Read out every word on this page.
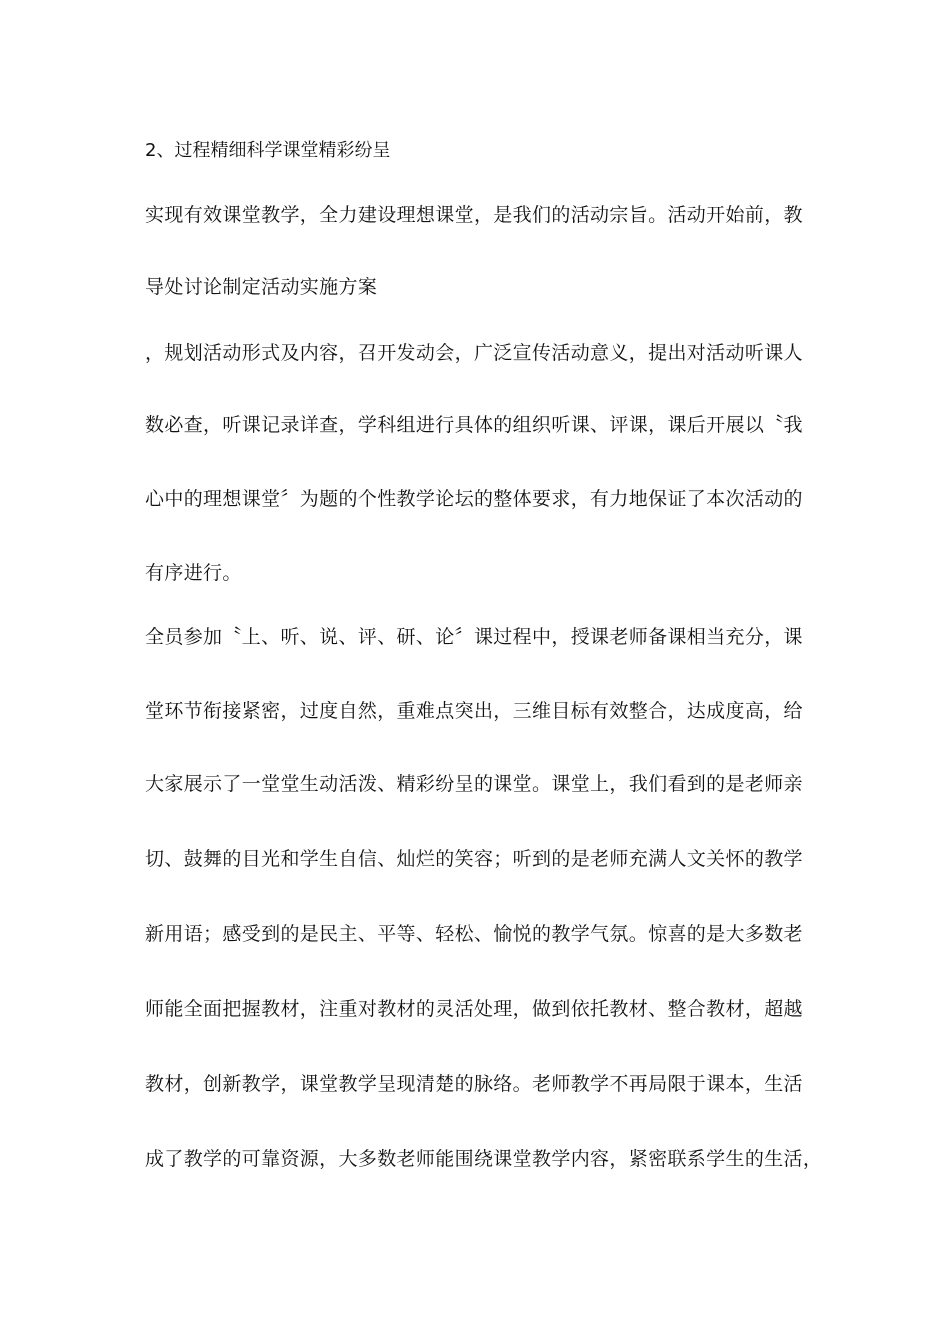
2、过程精细科学课堂精彩纷呈
实现有效课堂教学，全力建设理想课堂，是我们的活动宗旨。活动开始前，教
导处讨论制定活动实施方案
，规划活动形式及内容，召开发动会，广泛宣传活动意义，提出对活动听课人
数必查，听课记录详查，学科组进行具体的组织听课、评课，课后开展以〝我
心中的理想课堂〞为题的个性教学论坛的整体要求，有力地保证了本次活动的
有序进行。
全员参加〝上、听、说、评、研、论〞课过程中，授课老师备课相当充分，课
堂环节衔接紧密，过度自然，重难点突出，三维目标有效整合，达成度高，给
大家展示了一堂堂生动活泼、精彩纷呈的课堂。课堂上，我们看到的是老师亲
切、鼓舞的目光和学生自信、灿烂的笑容；听到的是老师充满人文关怀的教学
新用语；感受到的是民主、平等、轻松、愉悦的教学气氛。惊喜的是大多数老
师能全面把握教材，注重对教材的灵活处理，做到依托教材、整合教材，超越
教材，创新教学，课堂教学呈现清楚的脉络。老师教学不再局限于课本，生活
成了教学的可靠资源，大多数老师能围绕课堂教学内容，紧密联系学生的生活，
